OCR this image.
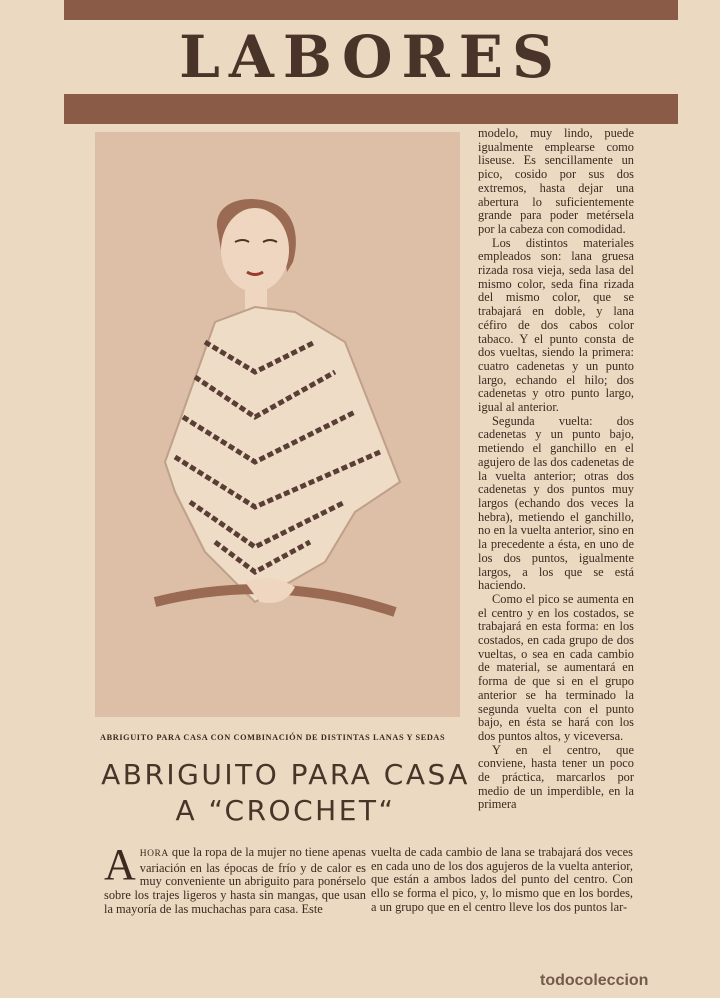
LABORES
ABRIGUITO PARA CASA CON COMBINACIÓN DE DISTINTAS LANAS Y SEDAS
ABRIGUITO PARA CASA
A “CROCHET“

modelo, muy lindo, puede igualmente emplearse como liseuse. Es sencillamente un pico, cosido por sus dos extremos, hasta dejar una abertura lo suficientemente grande para poder metérsela por la cabeza con comodidad.

Los distintos materiales empleados son: lana gruesa rizada rosa vieja, seda lasa del mismo color, seda fina rizada del mismo color, que se trabajará en doble, y lana céfiro de dos cabos color tabaco. Y el punto consta de dos vueltas, siendo la primera: cuatro cadenetas y un punto largo, echando el hilo; dos cadenetas y otro punto largo, igual al anterior.

Segunda vuelta: dos cadenetas y un punto bajo, metiendo el ganchillo en el agujero de las dos cadenetas de la vuelta anterior; otras dos cadenetas y dos puntos muy largos (echando dos veces la hebra), metiendo el ganchillo, no en la vuelta anterior, sino en la precedente a ésta, en uno de los dos puntos, igualmente largos, a los que se está haciendo.

Como el pico se aumenta en el centro y en los costados, se trabajará en esta forma: en los costados, en cada grupo de dos vueltas, o sea en cada cambio de material, se aumentará en forma de que si en el grupo anterior se ha terminado la segunda vuelta con el punto bajo, en ésta se hará con los dos puntos altos, y viceversa.

Y en el centro, que conviene, hasta tener un poco de práctica, marcarlos por medio de un imperdible, en la primera

AHORA que la ropa de la mujer no tiene apenas variación en las épocas de frío y de calor es muy conveniente un abriguito para ponérselo sobre los trajes ligeros y hasta sin mangas, que usan la mayoría de las muchachas para casa. Este

vuelta de cada cambio de lana se trabajará dos veces en cada uno de los dos agujeros de la vuelta anterior, que están a ambos lados del punto del centro. Con ello se forma el pico, y, lo mismo que en los bordes, a un grupo que en el centro lleve los dos puntos lar-

todocoleccion
